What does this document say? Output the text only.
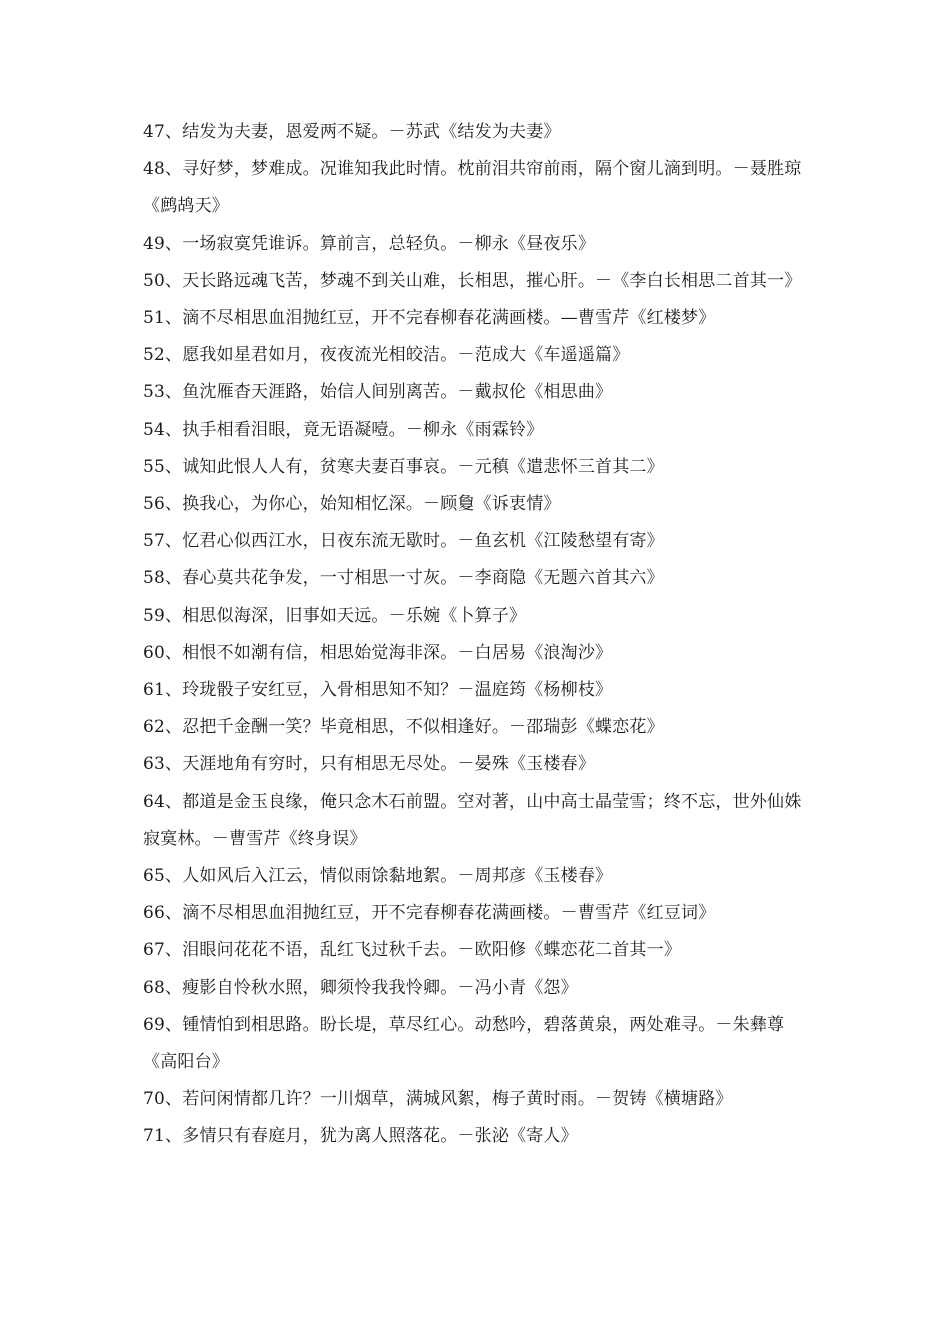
47、结发为夫妻，恩爱两不疑。－苏武《结发为夫妻》

48、寻好梦，梦难成。况谁知我此时情。枕前泪共帘前雨，隔个窗儿滴到明。－聂胜琼《鹧鸪天》

49、一场寂寞凭谁诉。算前言，总轻负。－柳永《昼夜乐》

50、天长路远魂飞苦，梦魂不到关山难，长相思，摧心肝。－《李白长相思二首其一》

51、滴不尽相思血泪抛红豆，开不完春柳春花满画楼。—曹雪芹《红楼梦》

52、愿我如星君如月，夜夜流光相皎洁。－范成大《车遥遥篇》

53、鱼沈雁杳天涯路，始信人间别离苦。－戴叔伦《相思曲》

54、执手相看泪眼，竟无语凝噎。－柳永《雨霖铃》

55、诚知此恨人人有，贫寒夫妻百事哀。－元稹《遣悲怀三首其二》

56、换我心，为你心，始知相忆深。－顾敻《诉衷情》

57、忆君心似西江水，日夜东流无歇时。－鱼玄机《江陵愁望有寄》

58、春心莫共花争发，一寸相思一寸灰。－李商隐《无题六首其六》

59、相思似海深，旧事如天远。－乐婉《卜算子》

60、相恨不如潮有信，相思始觉海非深。－白居易《浪淘沙》

61、玲珑骰子安红豆，入骨相思知不知？－温庭筠《杨柳枝》

62、忍把千金酬一笑？毕竟相思，不似相逢好。－邵瑞彭《蝶恋花》

63、天涯地角有穷时，只有相思无尽处。－晏殊《玉楼春》

64、都道是金玉良缘，俺只念木石前盟。空对著，山中高士晶莹雪；终不忘，世外仙姝寂寞林。－曹雪芹《终身误》

65、人如风后入江云，情似雨馀黏地絮。－周邦彦《玉楼春》

66、滴不尽相思血泪抛红豆，开不完春柳春花满画楼。－曹雪芹《红豆词》

67、泪眼问花花不语，乱红飞过秋千去。－欧阳修《蝶恋花二首其一》

68、瘦影自怜秋水照，卿须怜我我怜卿。－冯小青《怨》

69、锺情怕到相思路。盼长堤，草尽红心。动愁吟，碧落黄泉，两处难寻。－朱彝尊《高阳台》

70、若问闲情都几许？一川烟草，满城风絮，梅子黄时雨。－贺铸《横塘路》

71、多情只有春庭月，犹为离人照落花。－张泌《寄人》
